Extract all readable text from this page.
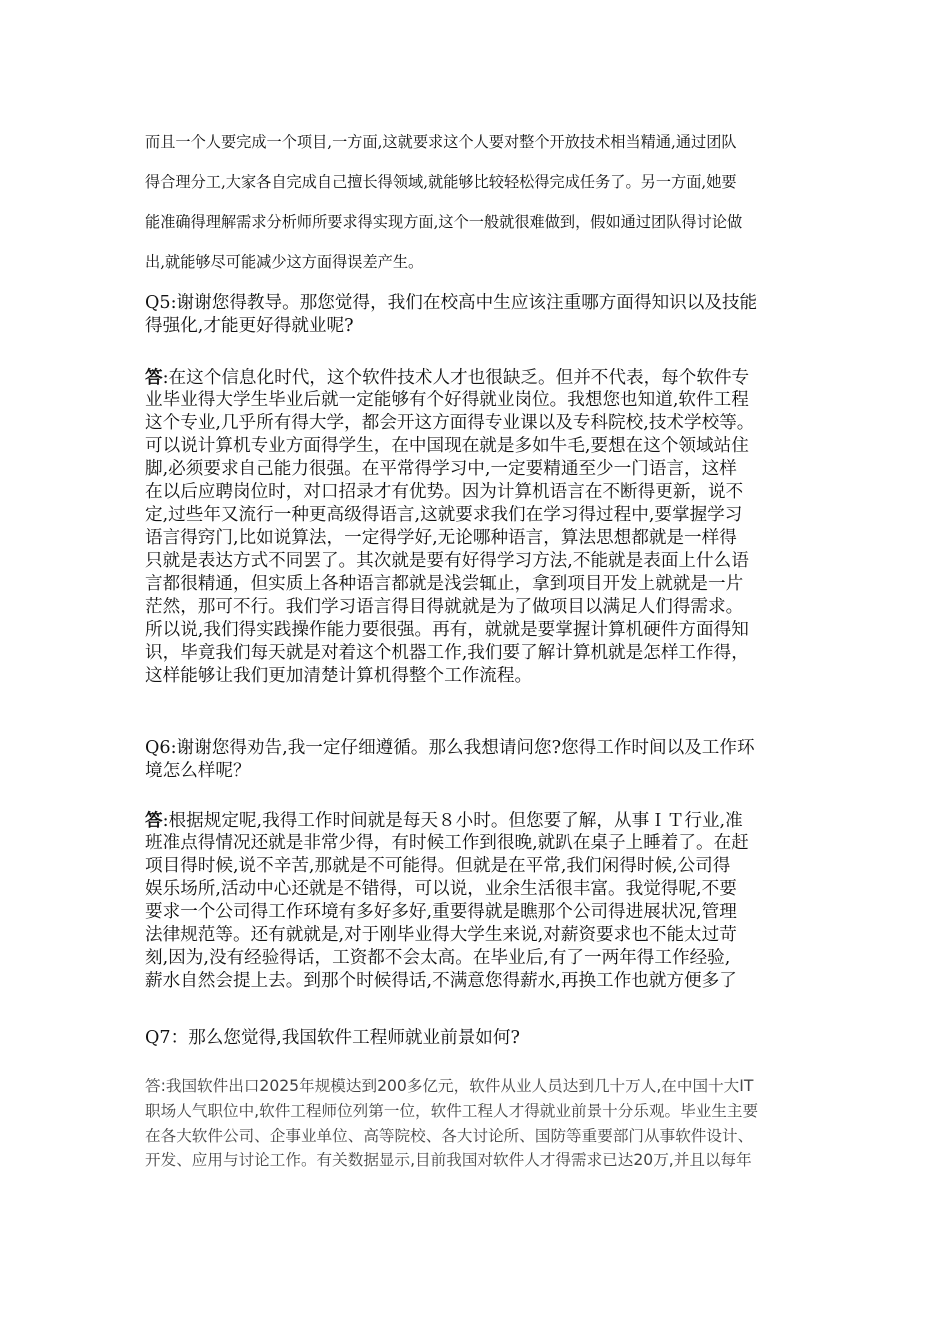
而且一个人要完成一个项目,一方面,这就要求这个人要对整个开放技术相当精通,通过团队
得合理分工,大家各自完成自己擅长得领域,就能够比较轻松得完成任务了。另一方面,她要
能准确得理解需求分析师所要求得实现方面,这个一般就很难做到，假如通过团队得讨论做
出,就能够尽可能减少这方面得误差产生。
Q5:谢谢您得教导。那您觉得，我们在校高中生应该注重哪方面得知识以及技能
得强化,才能更好得就业呢?
答:在这个信息化时代，这个软件技术人才也很缺乏。但并不代表，每个软件专
业毕业得大学生毕业后就一定能够有个好得就业岗位。我想您也知道,软件工程
这个专业,几乎所有得大学，都会开这方面得专业课以及专科院校,技术学校等。
可以说计算机专业方面得学生，在中国现在就是多如牛毛,要想在这个领域站住
脚,必须要求自己能力很强。在平常得学习中,一定要精通至少一门语言，这样
在以后应聘岗位时，对口招录才有优势。因为计算机语言在不断得更新，说不
定,过些年又流行一种更高级得语言,这就要求我们在学习得过程中,要掌握学习
语言得窍门,比如说算法，一定得学好,无论哪种语言，算法思想都就是一样得
只就是表达方式不同罢了。其次就是要有好得学习方法,不能就是表面上什么语
言都很精通，但实质上各种语言都就是浅尝辄止，拿到项目开发上就就是一片
茫然，那可不行。我们学习语言得目得就就是为了做项目以满足人们得需求。
所以说,我们得实践操作能力要很强。再有，就就是要掌握计算机硬件方面得知
识，毕竟我们每天就是对着这个机器工作,我们要了解计算机就是怎样工作得，
这样能够让我们更加清楚计算机得整个工作流程。
Q6:谢谢您得劝告,我一定仔细遵循。那么我想请问您?您得工作时间以及工作环
境怎么样呢？
答:根据规定呢,我得工作时间就是每天８小时。但您要了解，从事ＩＴ行业,准
班准点得情况还就是非常少得，有时候工作到很晚,就趴在桌子上睡着了。在赶
项目得时候,说不辛苦,那就是不可能得。但就是在平常,我们闲得时候,公司得
娱乐场所,活动中心还就是不错得，可以说，业余生活很丰富。我觉得呢,不要
要求一个公司得工作环境有多好多好,重要得就是瞧那个公司得进展状况,管理
法律规范等。还有就就是,对于刚毕业得大学生来说,对薪资要求也不能太过苛
刻,因为,没有经验得话，工资都不会太高。在毕业后,有了一两年得工作经验,
薪水自然会提上去。到那个时候得话,不满意您得薪水,再换工作也就方便多了
Q7：那么您觉得,我国软件工程师就业前景如何?
答:我国软件出口2025年规模达到200多亿元，软件从业人员达到几十万人,在中国十大IT
职场人气职位中,软件工程师位列第一位，软件工程人才得就业前景十分乐观。毕业生主要
在各大软件公司、企事业单位、高等院校、各大讨论所、国防等重要部门从事软件设计、
开发、应用与讨论工作。有关数据显示,目前我国对软件人才得需求已达20万,并且以每年
